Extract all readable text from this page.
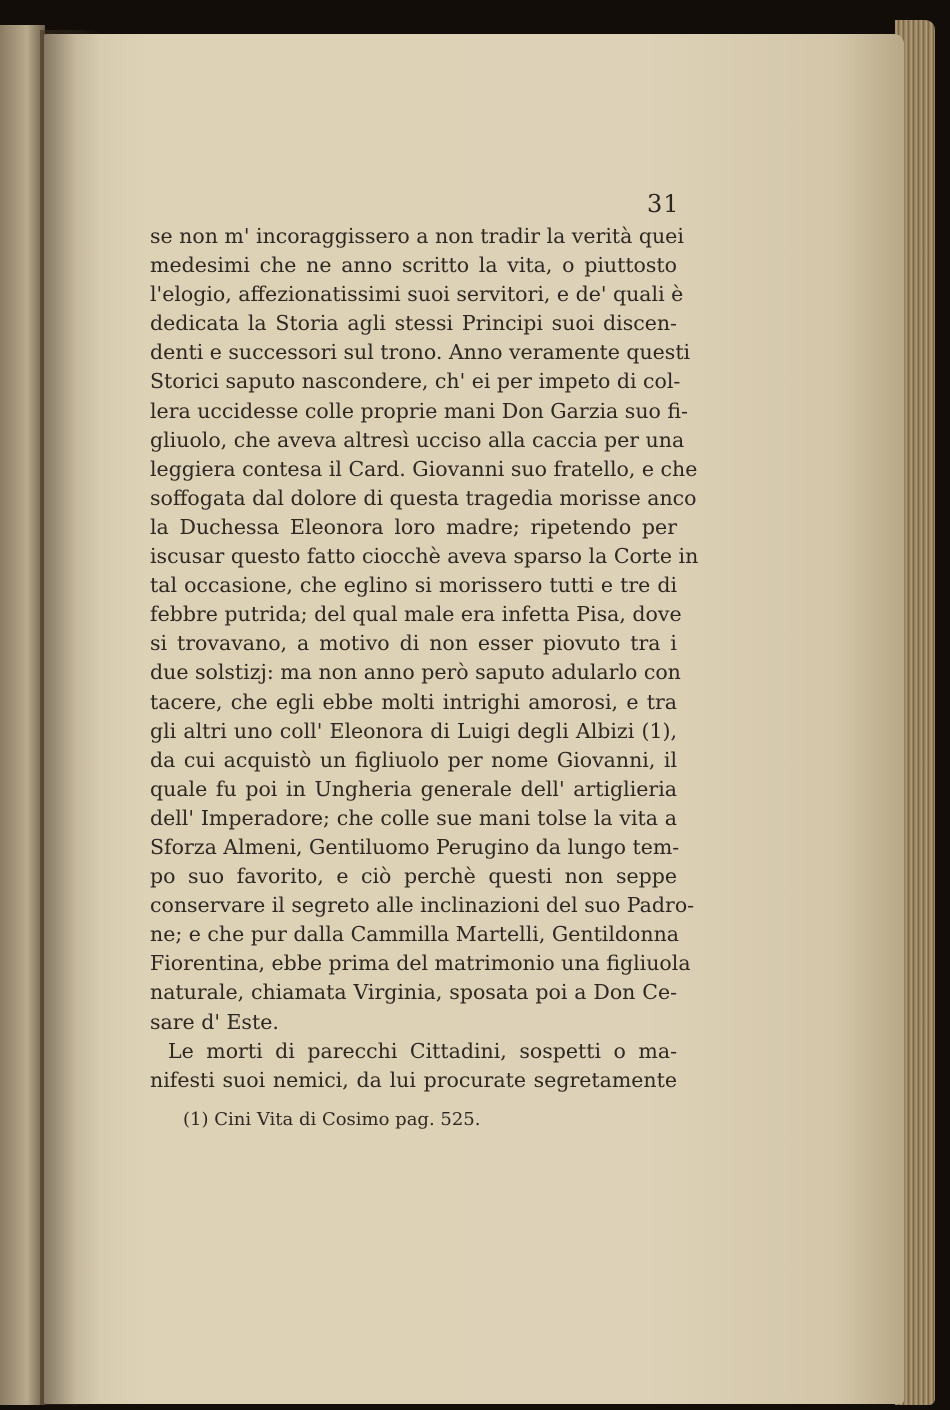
31
se non m' incoraggissero a non tradir la verità quei
medesimi che ne anno scritto la vita, o piuttosto
l'elogio, affezionatissimi suoi servitori, e de' quali è
dedicata la Storia agli stessi Principi suoi discen-
denti e successori sul trono. Anno veramente questi
Storici saputo nascondere, ch' ei per impeto di col-
lera uccidesse colle proprie mani Don Garzia suo fi-
gliuolo, che aveva altresì ucciso alla caccia per una
leggiera contesa il Card. Giovanni suo fratello, e che
soffogata dal dolore di questa tragedia morisse anco
la Duchessa Eleonora loro madre; ripetendo per
iscusar questo fatto ciocchè aveva sparso la Corte in
tal occasione, che eglino si morissero tutti e tre di
febbre putrida; del qual male era infetta Pisa, dove
si trovavano, a motivo di non esser piovuto tra i
due solstizj: ma non anno però saputo adularlo con
tacere, che egli ebbe molti intrighi amorosi, e tra
gli altri uno coll' Eleonora di Luigi degli Albizi (1),
da cui acquistò un figliuolo per nome Giovanni, il
quale fu poi in Ungheria generale dell' artiglieria
dell' Imperadore; che colle sue mani tolse la vita a
Sforza Almeni, Gentiluomo Perugino da lungo tem-
po suo favorito, e ciò perchè questi non seppe
conservare il segreto alle inclinazioni del suo Padro-
ne; e che pur dalla Cammilla Martelli, Gentildonna
Fiorentina, ebbe prima del matrimonio una figliuola
naturale, chiamata Virginia, sposata poi a Don Ce-
sare d' Este.
Le morti di parecchi Cittadini, sospetti o ma-
nifesti suoi nemici, da lui procurate segretamente
(1) Cini Vita di Cosimo pag. 525.
